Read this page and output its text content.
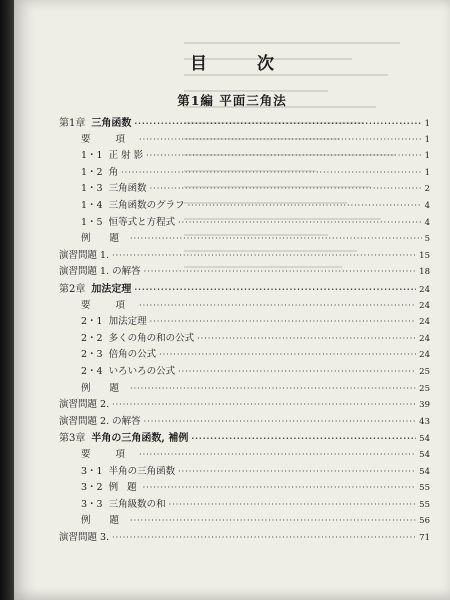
目 次
第1編 平面三角法
第1章 三角函数 ·····	1
要 項 ·····	1
1・1 正 射 影 ·····	1
1・2 角 ·····	1
1・3 三角函数 ·····	2
1・4 三角函数のグラフ ·····	4
1・5 恒等式と方程式 ·····	4
例 題 ·····	5
演習問題 1. ·····	15
演習問題 1. の解答 ·····	18
第2章 加法定理 ·····	24
要 項 ·····	24
2・1 加法定理 ·····	24
2・2 多くの角の和の公式 ·····	24
2・3 倍角の公式 ·····	24
2・4 いろいろの公式 ·····	25
例 題 ·····	25
演習問題 2. ·····	39
演習問題 2. の解答 ·····	43
第3章 半角の三角函数, 補例 ·····	54
要 項 ·····	54
3・1 半角の三角函数 ·····	54
3・2 例 題 ·····	55
3・3 三角級数の和 ·····	55
例 題 ·····	56
演習問題 3. ·····	71
